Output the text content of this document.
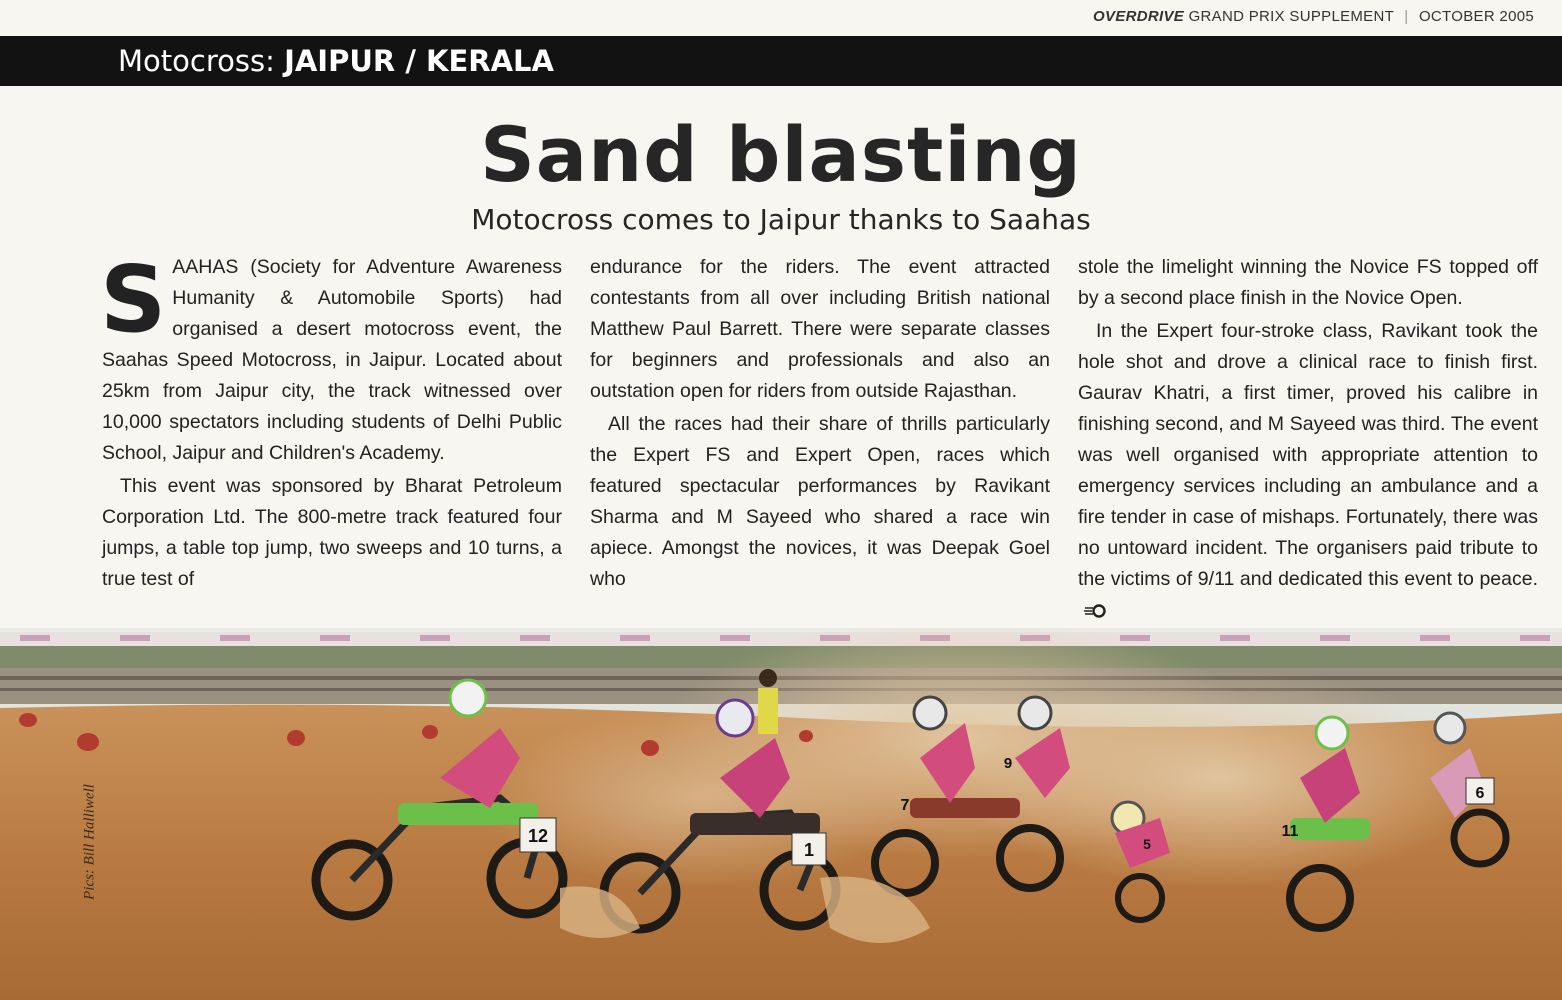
OVERDRIVE GRAND PRIX SUPPLEMENT | OCTOBER 2005
Motocross: JAIPUR / KERALA
Sand blasting
Motocross comes to Jaipur thanks to Saahas

SAAHAS (Society for Adventure Awareness Humanity & Automobile Sports) had organised a desert motocross event, the Saahas Speed Motocross, in Jaipur. Located about 25km from Jaipur city, the track witnessed over 10,000 spectators including students of Delhi Public School, Jaipur and Children's Academy.

This event was sponsored by Bharat Petroleum Corporation Ltd. The 800-metre track featured four jumps, a table top jump, two sweeps and 10 turns, a true test of

endurance for the riders. The event attracted contestants from all over including British national Matthew Paul Barrett. There were separate classes for beginners and professionals and also an outstation open for riders from outside Rajasthan.

All the races had their share of thrills particularly the Expert FS and Expert Open, races which featured spectacular performances by Ravikant Sharma and M Sayeed who shared a race win apiece. Amongst the novices, it was Deepak Goel who

stole the limelight winning the Novice FS topped off by a second place finish in the Novice Open.

In the Expert four-stroke class, Ravikant took the hole shot and drove a clinical race to finish first. Gaurav Khatri, a first timer, proved his calibre in finishing second, and M Sayeed was third. The event was well organised with appropriate attention to emergency services including an ambulance and a fire tender in case of mishaps. Fortunately, there was no untoward incident. The organisers paid tribute to the victims of 9/11 and dedicated this event to peace.

12
1
7
9
5
11
6
Pics: Bill Halliwell
